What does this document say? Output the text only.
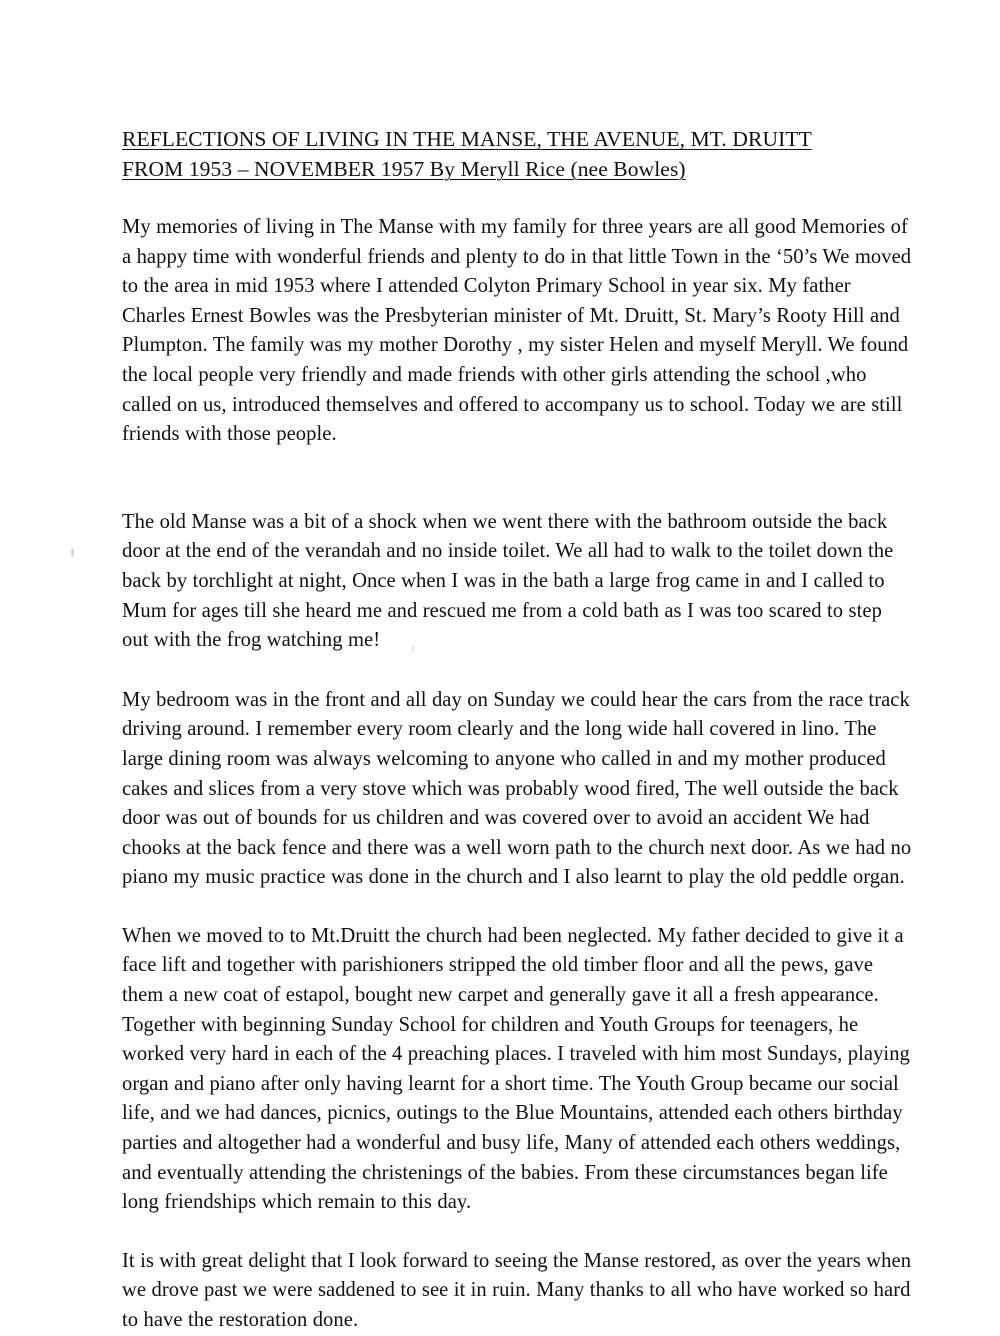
REFLECTIONS OF LIVING IN THE MANSE, THE AVENUE, MT. DRUITT
FROM 1953 – NOVEMBER 1957 By Meryll Rice (nee Bowles)

My memories of living in The Manse with my family for three years are all good Memories of a happy time with wonderful friends and plenty to do in that little Town in the ‘50’s We moved to the area in mid 1953 where I attended Colyton Primary School in year six. My father Charles Ernest Bowles was the Presbyterian minister of Mt. Druitt, St. Mary’s Rooty Hill and Plumpton. The family was my mother Dorothy , my sister Helen and myself Meryll. We found the local people very friendly and made friends with other girls attending the school ,who called on us, introduced themselves and offered to accompany us to school. Today we are still friends with those people.

The old Manse was a bit of a shock when we went there with the bathroom outside the back door at the end of the verandah and no inside toilet. We all had to walk to the toilet down the back by torchlight at night, Once when I was in the bath a large frog came in and I called to Mum for ages till she heard me and rescued me from a cold bath as I was too scared to step out with the frog watching me!

My bedroom was in the front and all day on Sunday we could hear the cars from the race track driving around. I remember every room clearly and the long wide hall covered in lino. The large dining room was always welcoming to anyone who called in and my mother produced cakes and slices from a very stove which was probably wood fired, The well outside the back door was out of bounds for us children and was covered over to avoid an accident We had chooks at the back fence and there was a well worn path to the church next door. As we had no piano my music practice was done in the church and I also learnt to play the old peddle organ.

When we moved to to Mt.Druitt the church had been neglected. My father decided to give it a face lift and together with parishioners stripped the old timber floor and all the pews, gave them a new coat of estapol, bought new carpet and generally gave it all a fresh appearance. Together with beginning Sunday School for children and Youth Groups for teenagers, he worked very hard in each of the 4 preaching places. I traveled with him most Sundays, playing organ and piano after only having learnt for a short time. The Youth Group became our social life, and we had dances, picnics, outings to the Blue Mountains, attended each others birthday parties and altogether had a wonderful and busy life, Many of attended each others weddings, and eventually attending the christenings of the babies. From these circumstances began life long friendships which remain to this day.

It is with great delight that I look forward to seeing the Manse restored, as over the years when we drove past we were saddened to see it in ruin. Many thanks to all who have worked so hard to have the restoration done.
